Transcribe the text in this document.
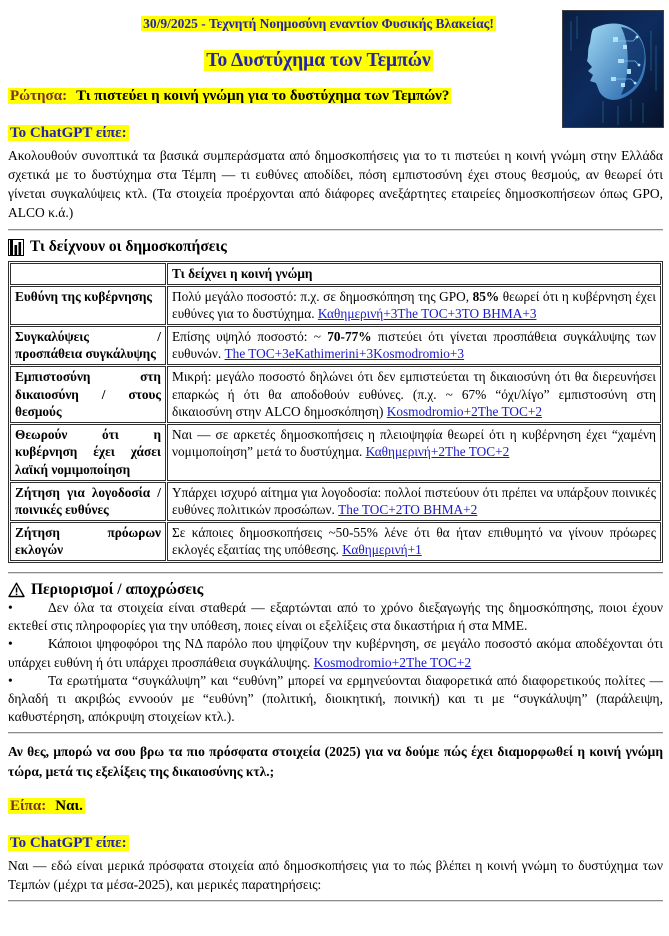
30/9/2025 - Τεχνητή Νοημοσύνη εναντίον Φυσικής Βλακείας!
Το Δυστύχημα των Τεμπών
Ρώτησα: Τι πιστεύει η κοινή γνώμη για το δυστύχημα των Τεμπών?
Το ChatGPT είπε:

Ακολουθούν συνοπτικά τα βασικά συμπεράσματα από δημοσκοπήσεις για το τι πιστεύει η κοινή γνώμη στην Ελλάδα σχετικά με το δυστύχημα στα Τέμπη — τι ευθύνες αποδίδει, πόση εμπιστοσύνη έχει στους θεσμούς, αν θεωρεί ότι γίνεται συγκαλύψεις κτλ. (Τα στοιχεία προέρχονται από διάφορες ανεξάρτητες εταιρείες δημοσκοπήσεων όπως GPO, ALCO κ.ά.)

Τι δείχνουν οι δημοσκοπήσεις
	Τι δείχνει η κοινή γνώμη
Ευθύνη της κυβέρνησης	Πολύ μεγάλο ποσοστό: π.χ. σε δημοσκόπηση της GPO, 85% θεωρεί ότι η κυβέρνηση έχει ευθύνες για το δυστύχημα. Καθημερινή+3The TOC+3ΤΟ ΒΗΜΑ+3
Συγκαλύψεις / προσπάθεια συγκάλυψης	Επίσης υψηλό ποσοστό: ~ 70-77% πιστεύει ότι γίνεται προσπάθεια συγκάλυψης των ευθυνών. The TOC+3eKathimerini+3Kosmodromio+3
Εμπιστοσύνη στη δικαιοσύνη / στους θεσμούς	Μικρή: μεγάλο ποσοστό δηλώνει ότι δεν εμπιστεύεται τη δικαιοσύνη ότι θα διερευνήσει επαρκώς ή ότι θα αποδοθούν ευθύνες. (π.χ. ~ 67% “όχι/λίγο” εμπιστοσύνη στη δικαιοσύνη στην ALCO δημοσκόπηση) Kosmodromio+2The TOC+2
Θεωρούν ότι η κυβέρνηση έχει χάσει λαϊκή νομιμοποίηση	Ναι — σε αρκετές δημοσκοπήσεις η πλειοψηφία θεωρεί ότι η κυβέρνηση έχει “χαμένη νομιμοποίηση” μετά το δυστύχημα. Καθημερινή+2The TOC+2
Ζήτηση για λογοδοσία / ποινικές ευθύνες	Υπάρχει ισχυρό αίτημα για λογοδοσία: πολλοί πιστεύουν ότι πρέπει να υπάρξουν ποινικές ευθύνες πολιτικών προσώπων. The TOC+2ΤΟ ΒΗΜΑ+2
Ζήτηση πρόωρων εκλογών	Σε κάποιες δημοσκοπήσεις ~50-55% λένε ότι θα ήταν επιθυμητό να γίνουν πρόωρες εκλογές εξαιτίας της υπόθεσης. Καθημερινή+1
Περιορισμοί / αποχρώσεις

•	Δεν όλα τα στοιχεία είναι σταθερά — εξαρτώνται από το χρόνο διεξαγωγής της δημοσκόπησης, ποιοι έχουν εκτεθεί στις πληροφορίες για την υπόθεση, ποιες είναι οι εξελίξεις στα δικαστήρια ή στα ΜΜΕ.

•	Κάποιοι ψηφοφόροι της ΝΔ παρόλο που ψηφίζουν την κυβέρνηση, σε μεγάλο ποσοστό ακόμα αποδέχονται ότι υπάρχει ευθύνη ή ότι υπάρχει προσπάθεια συγκάλυψης. Kosmodromio+2The TOC+2

•	Τα ερωτήματα “συγκάλυψη” και “ευθύνη” μπορεί να ερμηνεύονται διαφορετικά από διαφορετικούς πολίτες — δηλαδή τι ακριβώς εννοούν με “ευθύνη” (πολιτική, διοικητική, ποινική) και τι με “συγκάλυψη” (παράλειψη, καθυστέρηση, απόκρυψη στοιχείων κτλ.).

Αν θες, μπορώ να σου βρω τα πιο πρόσφατα στοιχεία (2025) για να δούμε πώς έχει διαμορφωθεί η κοινή γνώμη τώρα, μετά τις εξελίξεις της δικαιοσύνης κτλ.;

Είπα: Ναι.
Το ChatGPT είπε:

Ναι — εδώ είναι μερικά πρόσφατα στοιχεία από δημοσκοπήσεις για το πώς βλέπει η κοινή γνώμη το δυστύχημα των Τεμπών (μέχρι τα μέσα-2025), και μερικές παρατηρήσεις:
